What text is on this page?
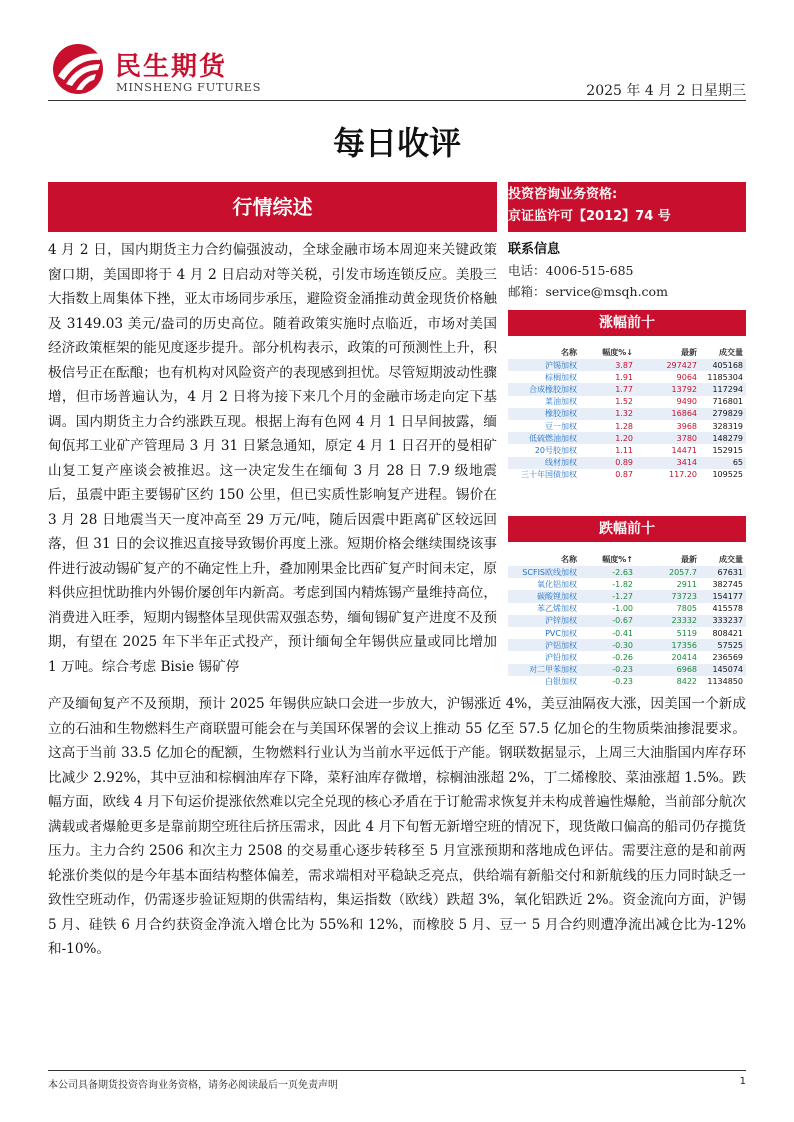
民生期货
MINSHENG FUTURES	2025 年 4 月 2 日星期三
每日收评
行情综述
投资咨询业务资格:
京证监许可【2012】74 号
联系信息
电话：4006-515-685
邮箱：service@msqh.com
涨幅前十
名称	幅度%↓	最新	成交量
沪锡加权	3.87	297427	405168
棕榈加权	1.91	9064	1185304
合成橡胶加权	1.77	13792	117294
菜油加权	1.52	9490	716801
橡胶加权	1.32	16864	279829
豆一加权	1.28	3968	328319
低硫燃油加权	1.20	3780	148279
20号胶加权	1.11	14471	152915
线材加权	0.89	3414	65
三十年国债加权	0.87	117.20	109525
跌幅前十
名称	幅度%↑	最新	成交量
SCFIS欧线加权	-2.63	2057.7	67631
氧化铝加权	-1.82	2911	382745
碳酸锂加权	-1.27	73723	154177
苯乙烯加权	-1.00	7805	415578
沪锌加权	-0.67	23332	333237
PVC加权	-0.41	5119	808421
沪铝加权	-0.30	17356	57525
沪铅加权	-0.26	20414	236569
对二甲苯加权	-0.23	6968	145074
白银加权	-0.23	8422	1134850
4 月 2 日，国内期货主力合约偏强波动，全球金融市场本周迎来关键政策窗口期，美国即将于 4 月 2 日启动对等关税，引发市场连锁反应。美股三大指数上周集体下挫，亚太市场同步承压，避险资金涌推动黄金现货价格触及 3149.03 美元/盎司的历史高位。随着政策实施时点临近，市场对美国经济政策框架的能见度逐步提升。部分机构表示，政策的可预测性上升，积极信号正在酝酿；也有机构对风险资产的表现感到担忧。尽管短期波动性骤增，但市场普遍认为，4 月 2 日将为接下来几个月的金融市场走向定下基调。国内期货主力合约涨跌互现。根据上海有色网 4 月 1 日早间披露，缅甸佤邦工业矿产管理局 3 月 31 日紧急通知，原定 4 月 1 日召开的曼相矿山复工复产座谈会被推迟。这一决定发生在缅甸 3 月 28 日 7.9 级地震后，虽震中距主要锡矿区约 150 公里，但已实质性影响复产进程。锡价在 3 月 28 日地震当天一度冲高至 29 万元/吨，随后因震中距离矿区较远回落，但 31 日的会议推迟直接导致锡价再度上涨。短期价格会继续围绕该事件进行波动锡矿复产的不确定性上升，叠加刚果金比西矿复产时间未定，原料供应担忧助推内外锡价屡创年内新高。考虑到国内精炼锡产量维持高位，消费进入旺季，短期内锡整体呈现供需双强态势，缅甸锡矿复产进度不及预期，有望在 2025 年下半年正式投产，预计缅甸全年锡供应量或同比增加 1 万吨。综合考虑 Bisie 锡矿停
产及缅甸复产不及预期，预计 2025 年锡供应缺口会进一步放大，沪锡涨近 4%，美豆油隔夜大涨，因美国一个新成立的石油和生物燃料生产商联盟可能会在与美国环保署的会议上推动 55 亿至 57.5 亿加仑的生物质柴油掺混要求。这高于当前 33.5 亿加仑的配额，生物燃料行业认为当前水平远低于产能。钢联数据显示，上周三大油脂国内库存环比减少 2.92%，其中豆油和棕榈油库存下降，菜籽油库存微增，棕榈油涨超 2%，丁二烯橡胶、菜油涨超 1.5%。跌幅方面，欧线 4 月下旬运价提涨依然难以完全兑现的核心矛盾在于订舱需求恢复并未构成普遍性爆舱，当前部分航次满载或者爆舱更多是靠前期空班往后挤压需求，因此 4 月下旬暂无新增空班的情况下，现货敞口偏高的船司仍存揽货压力。主力合约 2506 和次主力 2508 的交易重心逐步转移至 5 月宣涨预期和落地成色评估。需要注意的是和前两轮涨价类似的是今年基本面结构整体偏差，需求端相对平稳缺乏亮点，供给端有新船交付和新航线的压力同时缺乏一致性空班动作，仍需逐步验证短期的供需结构，集运指数（欧线）跌超 3%，氧化铝跌近 2%。资金流向方面，沪锡 5 月、硅铁 6 月合约获资金净流入增仓比为 55%和 12%，而橡胶 5 月、豆一 5 月合约则遭净流出减仓比为-12%和-10%。
本公司具备期货投资咨询业务资格，请务必阅读最后一页免责声明	1
